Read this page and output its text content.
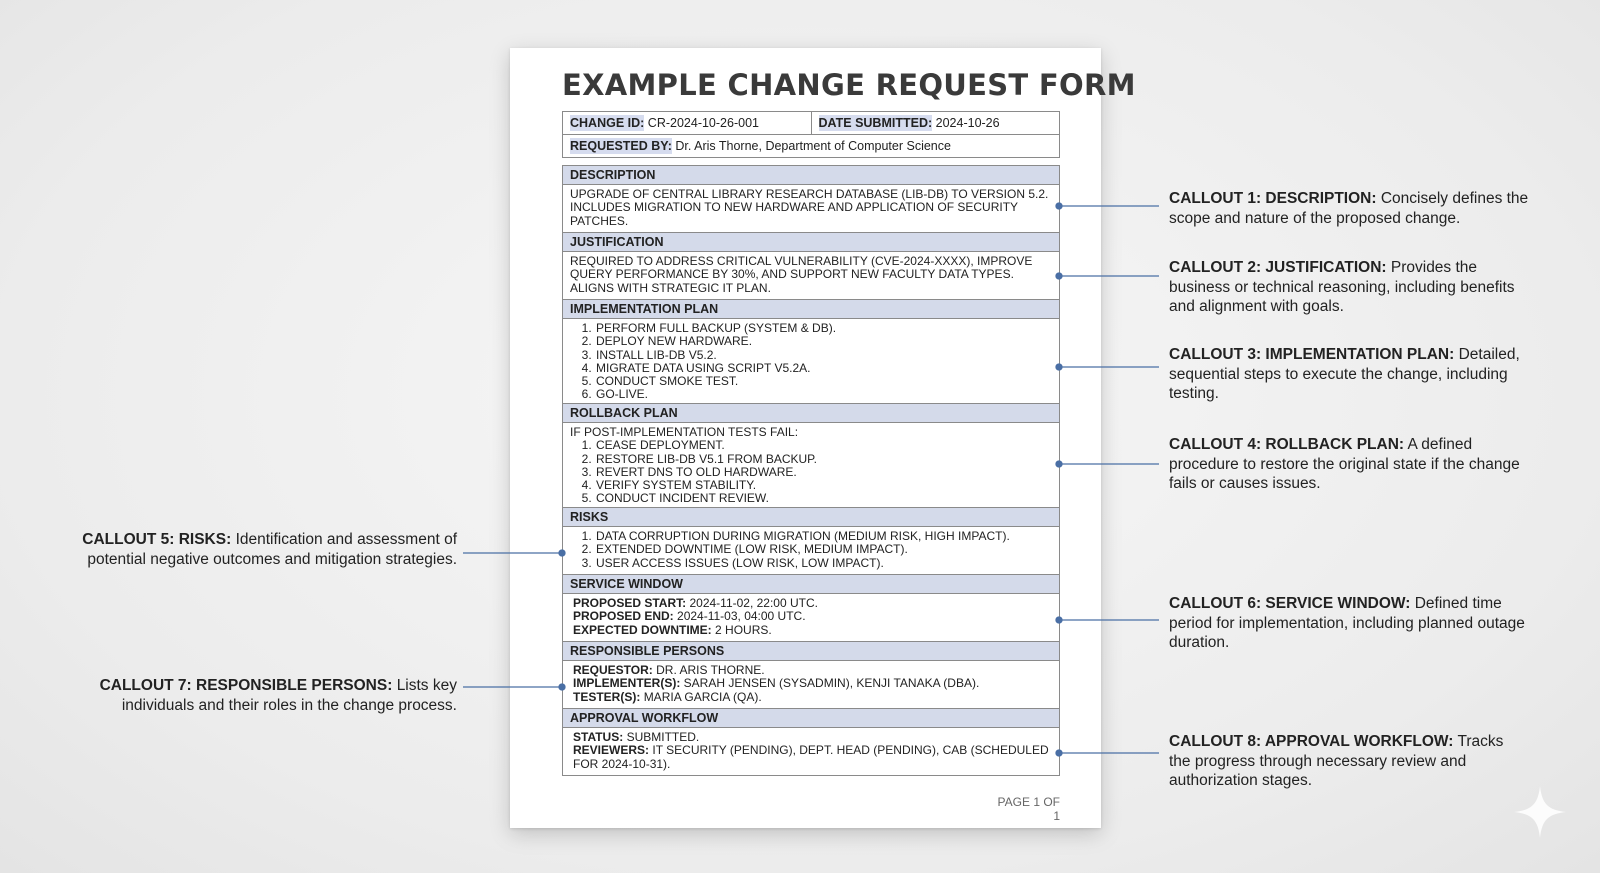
EXAMPLE CHANGE REQUEST FORM
CHANGE ID:
CR-2024-10-26-001	DATE SUBMITTED:
2024-10-26
REQUESTED BY:
Dr. Aris Thorne, Department of Computer Science
DESCRIPTION
UPGRADE OF CENTRAL LIBRARY RESEARCH DATABASE (LIB-DB) TO VERSION 5.2. INCLUDES MIGRATION TO NEW HARDWARE AND APPLICATION OF SECURITY PATCHES.
JUSTIFICATION
REQUIRED TO ADDRESS CRITICAL VULNERABILITY (CVE-2024-XXXX), IMPROVE QUERY PERFORMANCE BY 30%, AND SUPPORT NEW FACULTY DATA TYPES. ALIGNS WITH STRATEGIC IT PLAN.
IMPLEMENTATION PLAN
1. PERFORM FULL BACKUP (SYSTEM & DB).
2. DEPLOY NEW HARDWARE.
3. INSTALL LIB-DB V5.2.
4. MIGRATE DATA USING SCRIPT V5.2A.
5. CONDUCT SMOKE TEST.
6. GO-LIVE.
ROLLBACK PLAN
IF POST-IMPLEMENTATION TESTS FAIL:
1. CEASE DEPLOYMENT.
2. RESTORE LIB-DB V5.1 FROM BACKUP.
3. REVERT DNS TO OLD HARDWARE.
4. VERIFY SYSTEM STABILITY.
5. CONDUCT INCIDENT REVIEW.
RISKS
1. DATA CORRUPTION DURING MIGRATION (MEDIUM RISK, HIGH IMPACT).
2. EXTENDED DOWNTIME (LOW RISK, MEDIUM IMPACT).
3. USER ACCESS ISSUES (LOW RISK, LOW IMPACT).
SERVICE WINDOW
PROPOSED START: 2024-11-02, 22:00 UTC.
PROPOSED END: 2024-11-03, 04:00 UTC.
EXPECTED DOWNTIME: 2 HOURS.
RESPONSIBLE PERSONS
REQUESTOR: DR. ARIS THORNE.
IMPLEMENTER(S): SARAH JENSEN (SYSADMIN), KENJI TANAKA (DBA).
TESTER(S): MARIA GARCIA (QA).
APPROVAL WORKFLOW
STATUS: SUBMITTED.
REVIEWERS: IT SECURITY (PENDING), DEPT. HEAD (PENDING), CAB (SCHEDULED FOR 2024-10-31).
PAGE 1 OF 1
CALLOUT 1: DESCRIPTION: Concisely defines the scope and nature of the proposed change.
CALLOUT 2: JUSTIFICATION: Provides the business or technical reasoning, including benefits and alignment with goals.
CALLOUT 3: IMPLEMENTATION PLAN: Detailed, sequential steps to execute the change, including testing.
CALLOUT 4: ROLLBACK PLAN: A defined procedure to restore the original state if the change fails or causes issues.
CALLOUT 6: SERVICE WINDOW: Defined time period for implementation, including planned outage duration.
CALLOUT 8: APPROVAL WORKFLOW: Tracks the progress through necessary review and authorization stages.
CALLOUT 5: RISKS: Identification and assessment of potential negative outcomes and mitigation strategies.
CALLOUT 7: RESPONSIBLE PERSONS: Lists key individuals and their roles in the change process.
